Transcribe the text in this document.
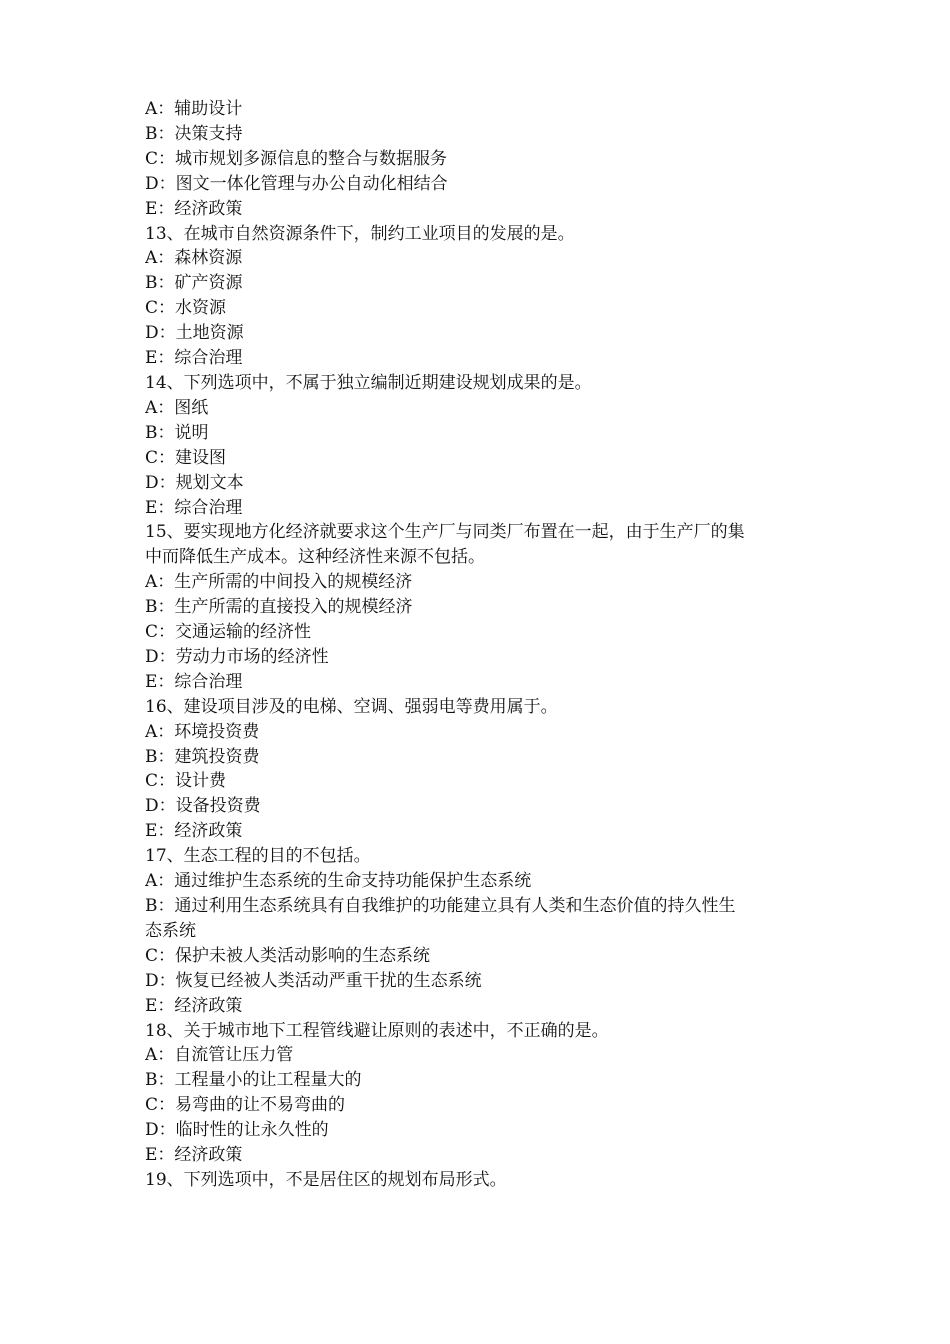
A：辅助设计
B：决策支持
C：城市规划多源信息的整合与数据服务
D：图文一体化管理与办公自动化相结合
E：经济政策
13、在城市自然资源条件下，制约工业项目的发展的是。
A：森林资源
B：矿产资源
C：水资源
D：土地资源
E：综合治理
14、下列选项中，不属于独立编制近期建设规划成果的是。
A：图纸
B：说明
C：建设图
D：规划文本
E：综合治理
15、要实现地方化经济就要求这个生产厂与同类厂布置在一起，由于生产厂的集
中而降低生产成本。这种经济性来源不包括。
A：生产所需的中间投入的规模经济
B：生产所需的直接投入的规模经济
C：交通运输的经济性
D：劳动力市场的经济性
E：综合治理
16、建设项目涉及的电梯、空调、强弱电等费用属于。
A：环境投资费
B：建筑投资费
C：设计费
D：设备投资费
E：经济政策
17、生态工程的目的不包括。
A：通过维护生态系统的生命支持功能保护生态系统
B：通过利用生态系统具有自我维护的功能建立具有人类和生态价值的持久性生
态系统
C：保护未被人类活动影响的生态系统
D：恢复已经被人类活动严重干扰的生态系统
E：经济政策
18、关于城市地下工程管线避让原则的表述中，不正确的是。
A：自流管让压力管
B：工程量小的让工程量大的
C：易弯曲的让不易弯曲的
D：临时性的让永久性的
E：经济政策
19、下列选项中，不是居住区的规划布局形式。
